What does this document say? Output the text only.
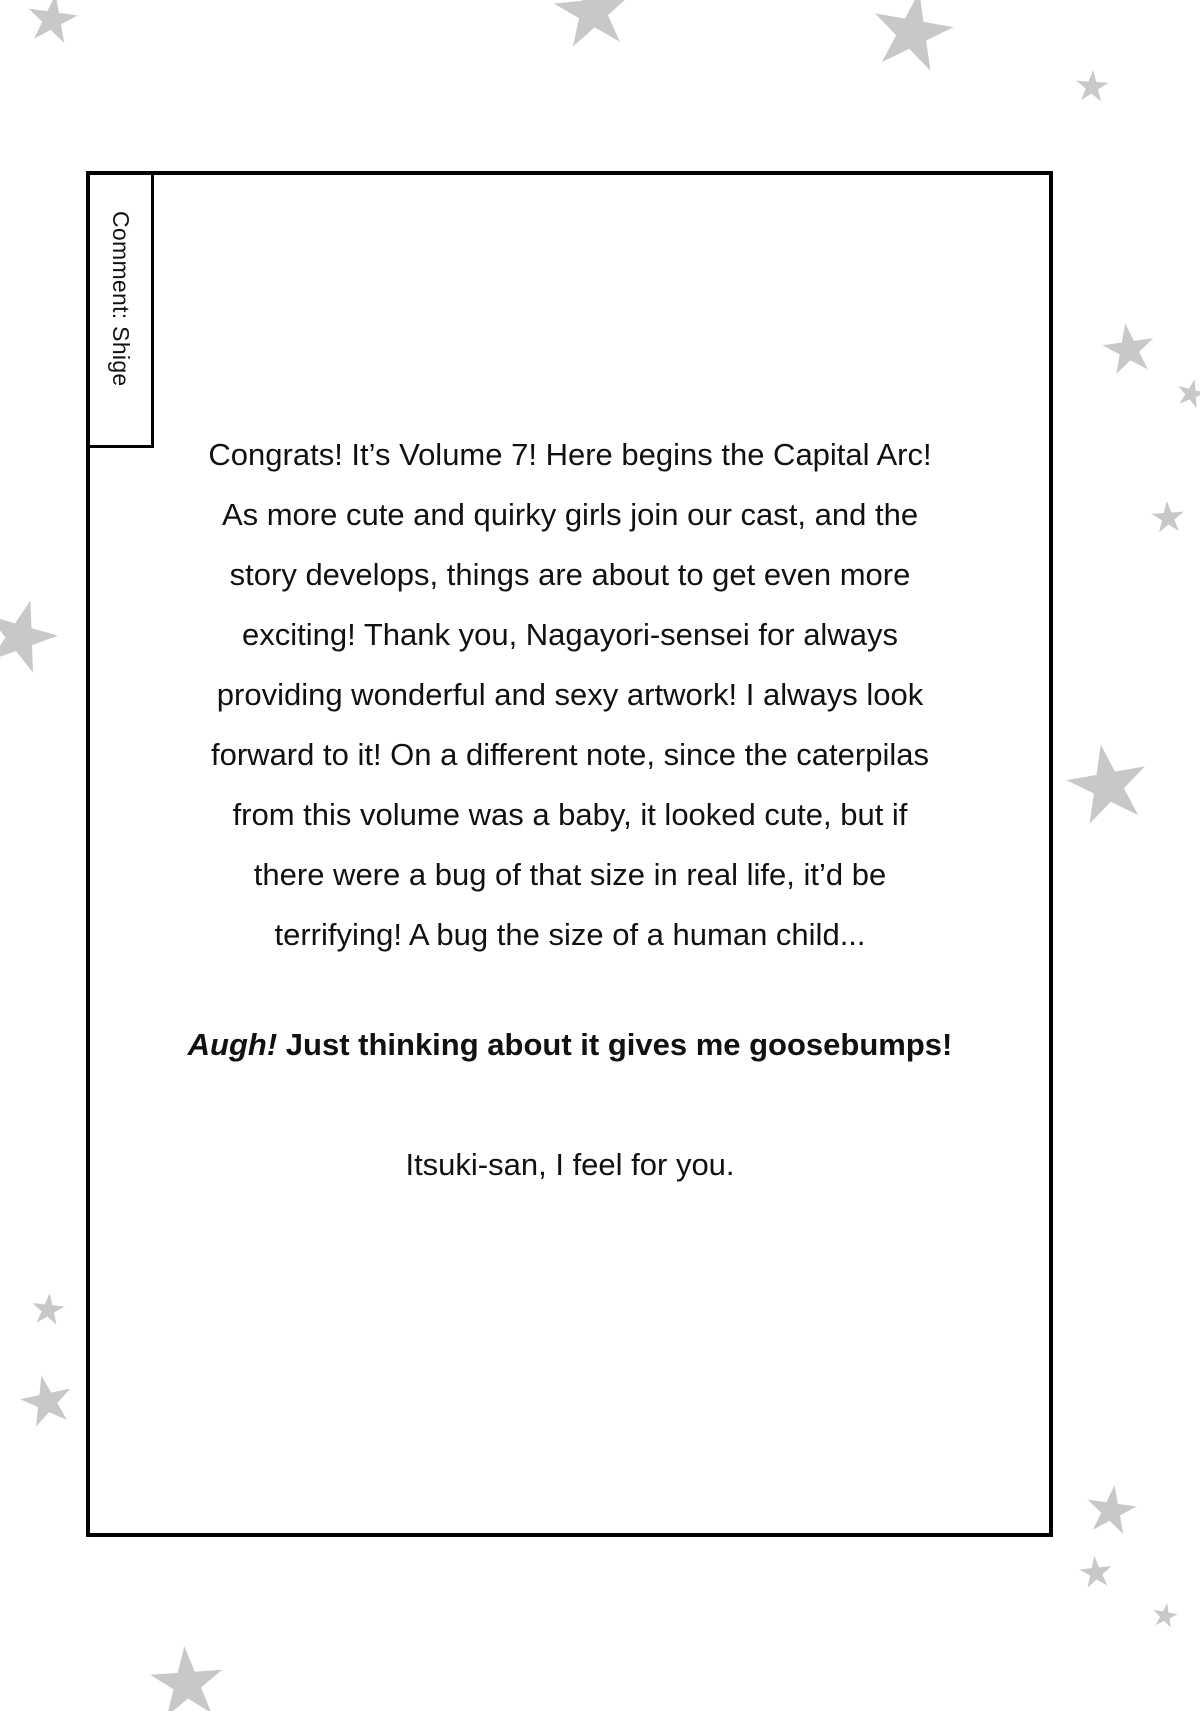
Comment: Shige

Congrats! It’s Volume 7! Here begins the Capital Arc!

As more cute and quirky girls join our cast, and the

story develops, things are about to get even more

exciting! Thank you, Nagayori-sensei for always

providing wonderful and sexy artwork! I always look

forward to it! On a different note, since the caterpilas

from this volume was a baby, it looked cute, but if

there were a bug of that size in real life, it’d be

terrifying! A bug the size of a human child...

Augh! Just thinking about it gives me goosebumps!

Itsuki-san, I feel for you.
